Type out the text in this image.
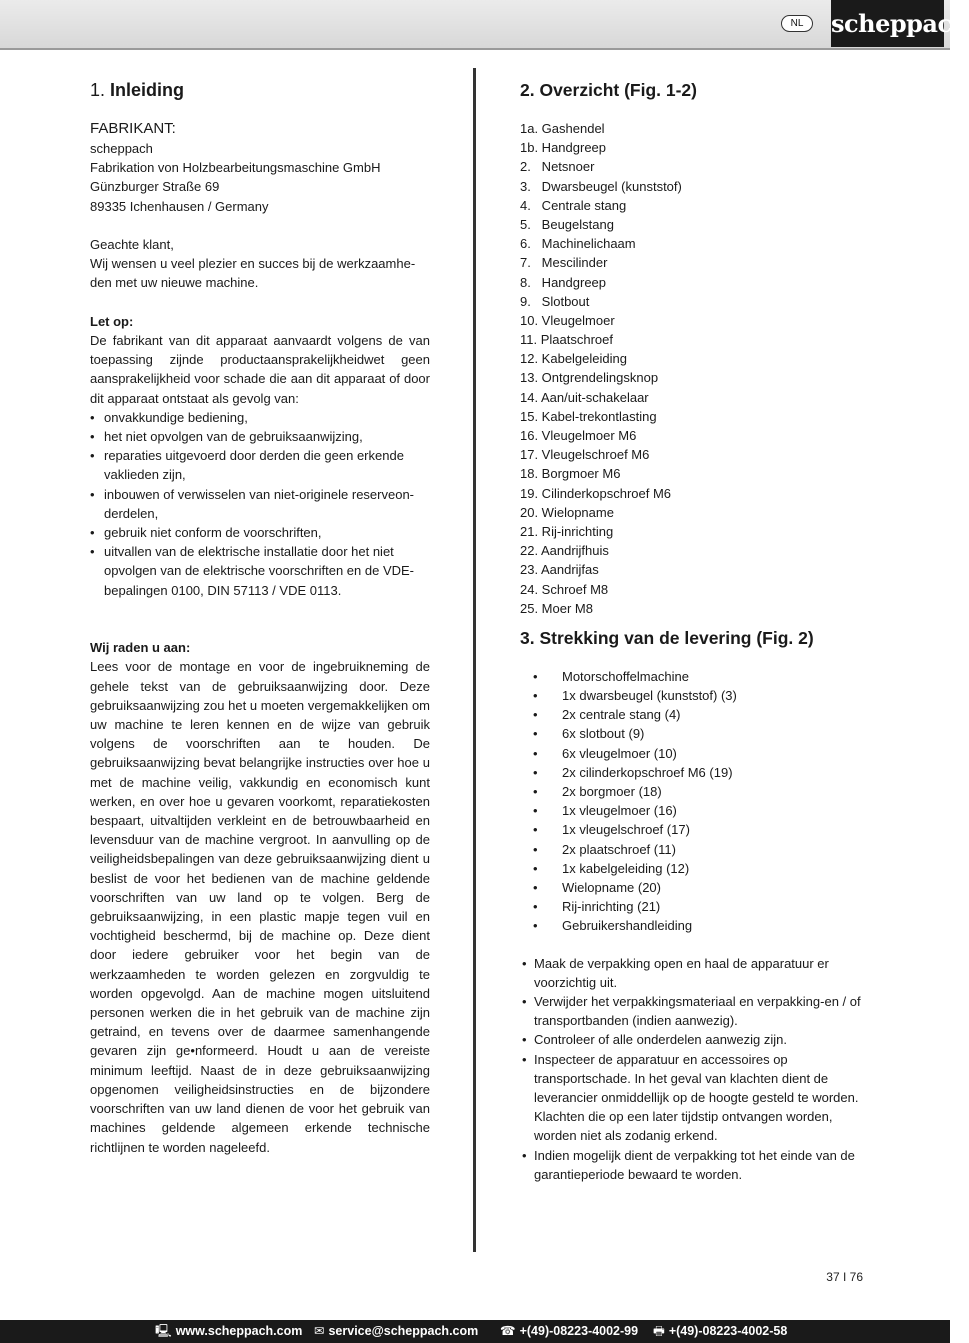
NL	scheppach
1. Inleiding
FABRIKANT:
scheppach
Fabrikation von Holzbearbeitungsmaschine GmbH
Günzburger Straße 69
89335 Ichenhausen / Germany
Geachte klant,
Wij wensen u veel plezier en succes bij de werkzaamhe-
den met uw nieuwe machine.
Let op:

De fabrikant van dit apparaat aanvaardt volgens de van toepassing zijnde productaansprakelijkheidwet geen aansprakelijkheid voor schade die aan dit apparaat of door dit apparaat ontstaat als gevolg van:

• onvakkundige bediening,
• het niet opvolgen van de gebruiksaanwijzing,
• reparaties uitgevoerd door derden die geen erkende vaklieden zijn,
• inbouwen of verwisselen van niet-originele reserveon-derdelen,
• gebruik niet conform de voorschriften,
• uitvallen van de elektrische installatie door het niet opvolgen van de elektrische voorschriften en de VDE-bepalingen 0100, DIN 57113 / VDE 0113.
Wij raden u aan:

Lees voor de montage en voor de ingebruikneming de gehele tekst van de gebruiksaanwijzing door. Deze gebruiksaanwijzing zou het u moeten vergemakkelijken om uw machine te leren kennen en de wijze van gebruik volgens de voorschriften aan te houden. De gebruiksaanwijzing bevat belangrijke instructies over hoe u met de machine veilig, vakkundig en economisch kunt werken, en over hoe u gevaren voorkomt, reparatiekosten bespaart, uitvaltijden verkleint en de betrouwbaarheid en levensduur van de machine vergroot. In aanvulling op de veiligheidsbepalingen van deze gebruiksaanwijzing dient u beslist de voor het bedienen van de machine geldende voorschriften van uw land op te volgen. Berg de gebruiksaanwijzing, in een plastic mapje tegen vuil en vochtigheid beschermd, bij de machine op. Deze dient door iedere gebruiker voor het begin van de werkzaamheden te worden gelezen en zorgvuldig te worden opgevolgd. Aan de machine mogen uitsluitend personen werken die in het gebruik van de machine zijn getraind, en tevens over de daarmee samenhangende gevaren zijn ge•nformeerd. Houdt u aan de vereiste minimum leeftijd. Naast de in deze gebruiksaanwijzing opgenomen veiligheidsinstructies en de bijzondere voorschriften van uw land dienen de voor het gebruik van machines geldende algemeen erkende technische richtlijnen te worden nageleefd.

2. Overzicht (Fig. 1-2)
1a. Gashendel
1b. Handgreep
2.   Netsnoer
3.   Dwarsbeugel (kunststof)
4.   Centrale stang
5.   Beugelstang
6.   Machinelichaam
7.   Mescilinder
8.   Handgreep
9.   Slotbout
10. Vleugelmoer
11. Plaatschroef
12. Kabelgeleiding
13. Ontgrendelingsknop
14. Aan/uit-schakelaar
15. Kabel-trekontlasting
16. Vleugelmoer M6
17. Vleugelschroef M6
18. Borgmoer M6
19. Cilinderkopschroef M6
20. Wielopname
21. Rij-inrichting
22. Aandrijfhuis
23. Aandrijfas
24. Schroef M8
25. Moer M8
3. Strekking van de levering (Fig. 2)
• Motorschoffelmachine
• 1x dwarsbeugel (kunststof) (3)
• 2x centrale stang (4)
• 6x slotbout (9)
• 6x vleugelmoer (10)
• 2x cilinderkopschroef M6 (19)
• 2x borgmoer (18)
• 1x vleugelmoer (16)
• 1x vleugelschroef (17)
• 2x plaatschroef (11)
• 1x kabelgeleiding (12)
• Wielopname (20)
• Rij-inrichting (21)
• Gebruikershandleiding
• Maak de verpakking open en haal de apparatuur er voorzichtig uit.
• Verwijder het verpakkingsmateriaal en verpakking-en / of transportbanden (indien aanwezig).
• Controleer of alle onderdelen aanwezig zijn.
• Inspecteer de apparatuur en accessoires op transportschade. In het geval van klachten dient de leverancier onmiddellijk op de hoogte gesteld te worden. Klachten die op een later tijdstip ontvangen worden, worden niet als zodanig erkend.
• Indien mogelijk dient de verpakking tot het einde van de garantieperiode bewaard te worden.
37 I 76
🖳 www.scheppach.com ✉ service@scheppach.com ☎ +(49)-08223-4002-99 🖶 +(49)-08223-4002-58
